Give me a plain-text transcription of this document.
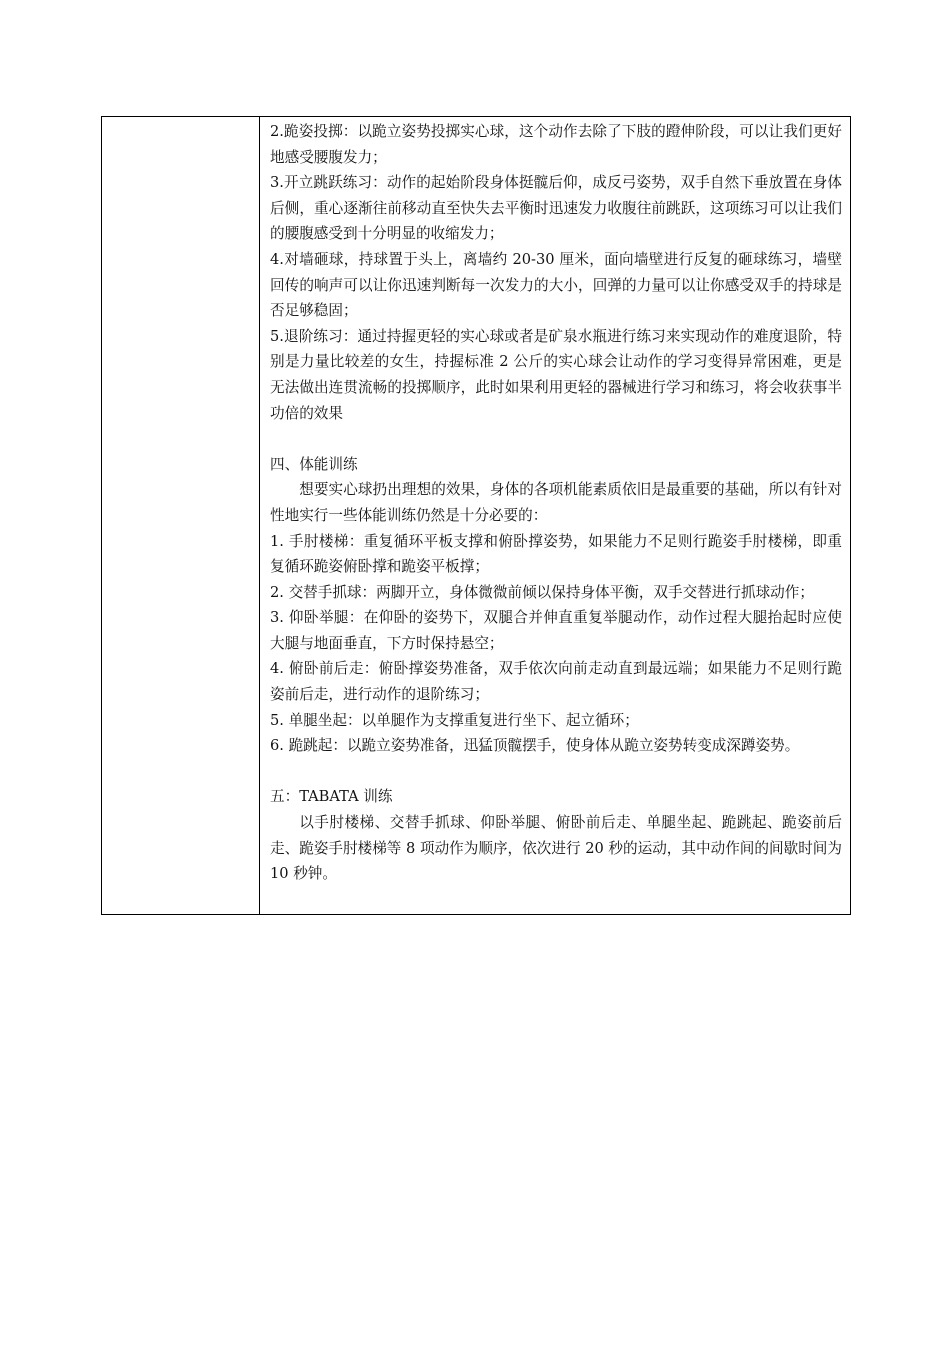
2.跪姿投掷：以跪立姿势投掷实心球，这个动作去除了下肢的蹬伸阶段，可以让我们更好地感受腰腹发力；

3.开立跳跃练习：动作的起始阶段身体挺髋后仰，成反弓姿势，双手自然下垂放置在身体后侧，重心逐渐往前移动直至快失去平衡时迅速发力收腹往前跳跃，这项练习可以让我们的腰腹感受到十分明显的收缩发力；

4.对墙砸球，持球置于头上，离墙约 20-30 厘米，面向墙壁进行反复的砸球练习，墙壁回传的响声可以让你迅速判断每一次发力的大小，回弹的力量可以让你感受双手的持球是否足够稳固；

5.退阶练习：通过持握更轻的实心球或者是矿泉水瓶进行练习来实现动作的难度退阶，特别是力量比较差的女生，持握标准 2 公斤的实心球会让动作的学习变得异常困难，更是无法做出连贯流畅的投掷顺序，此时如果利用更轻的器械进行学习和练习，将会收获事半功倍的效果

四、体能训练

想要实心球扔出理想的效果，身体的各项机能素质依旧是最重要的基础，所以有针对性地实行一些体能训练仍然是十分必要的：

1. 手肘楼梯：重复循环平板支撑和俯卧撑姿势，如果能力不足则行跪姿手肘楼梯，即重复循环跪姿俯卧撑和跪姿平板撑；

2. 交替手抓球：两脚开立，身体微微前倾以保持身体平衡，双手交替进行抓球动作；

3. 仰卧举腿：在仰卧的姿势下，双腿合并伸直重复举腿动作，动作过程大腿抬起时应使大腿与地面垂直，下方时保持悬空；

4. 俯卧前后走：俯卧撑姿势准备，双手依次向前走动直到最远端；如果能力不足则行跪姿前后走，进行动作的退阶练习；

5. 单腿坐起：以单腿作为支撑重复进行坐下、起立循环；

6. 跪跳起：以跪立姿势准备，迅猛顶髋摆手，使身体从跪立姿势转变成深蹲姿势。

五：TABATA 训练

以手肘楼梯、交替手抓球、仰卧举腿、俯卧前后走、单腿坐起、跪跳起、跪姿前后走、跪姿手肘楼梯等 8 项动作为顺序，依次进行 20 秒的运动，其中动作间的间歇时间为 10 秒钟。
